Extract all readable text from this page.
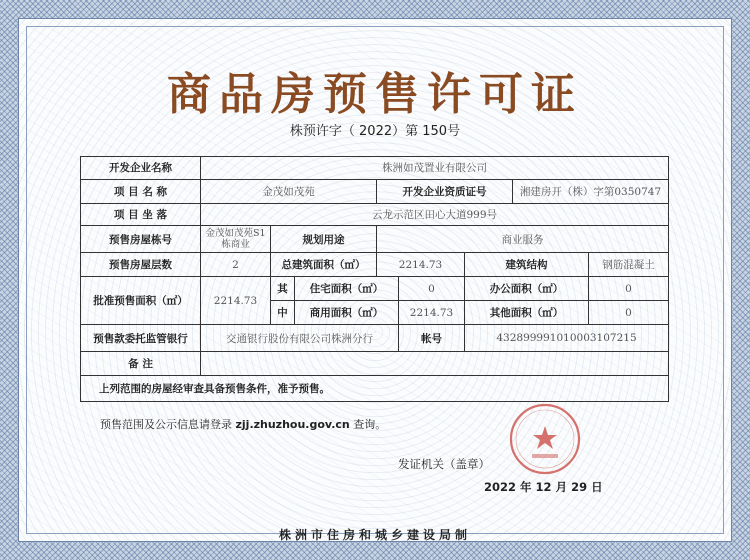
商品房预售许可证
株预许字（ 2022）第 150号
开发企业名称	株洲如茂置业有限公司							
项 目 名 称	金茂如茂苑			开发企业资质证号			湘建房开（株）字第0350747	
项 目 坐 落	云龙示范区田心大道999号							
预售房屋栋号	金茂如茂苑S1栋商业	规划用途		商业服务				
预售房屋层数	2	总建筑面积（㎡）		2214.73		建筑结构		钢筋混凝土
批准预售面积（㎡）	2214.73	其	住宅面积（㎡）		0	办公面积（㎡）		0
		中	商用面积（㎡）		2214.73	其他面积（㎡）		0
预售款委托监管银行	交通银行股份有限公司株洲分行				帐号	432899991010003107215		
备 注								
上列范围的房屋经审查具备预售条件，准予预售。								
预售范围及公示信息请登录 zjj.zhuzhou.gov.cn 查询。
发证机关（盖章）
2022 年 12 月 29 日
株洲市住房和城乡建设局制
